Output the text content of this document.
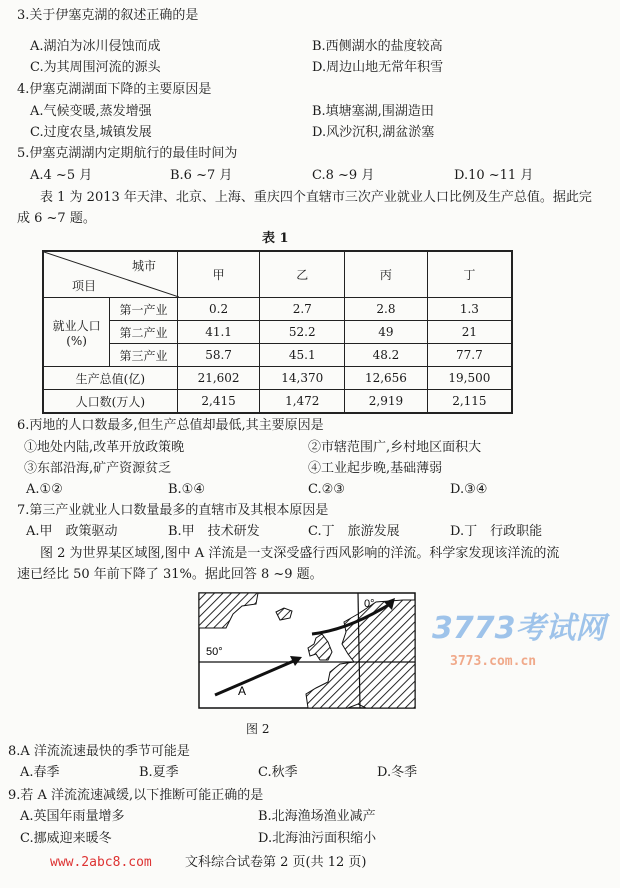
3.关于伊塞克湖的叙述正确的是
A.湖泊为冰川侵蚀而成	B.西侧湖水的盐度较高
C.为其周围河流的源头	D.周边山地无常年积雪
4.伊塞克湖湖面下降的主要原因是
A.气候变暖,蒸发增强	B.填塘塞湖,围湖造田
C.过度农垦,城镇发展	D.风沙沉积,湖盆淤塞
5.伊塞克湖湖内定期航行的最佳时间为
A.4 ~5 月	B.6 ~7 月	C.8 ~9 月	D.10 ~11 月
表 1 为 2013 年天津、北京、上海、重庆四个直辖市三次产业就业人口比例及生产总值。据此完
成 6 ~7 题。
表 1
城市
项目		甲	乙	丙	丁

就业人口
(%)	第一产业	0.2	2.7	2.8	1.3
	第二产业	41.1	52.2	49	21
	第三产业	58.7	45.1	48.2	77.7
生产总值(亿)		21,602	14,370	12,656	19,500
人口数(万人)		2,415	1,472	2,919	2,115
6.丙地的人口数最多,但生产总值却最低,其主要原因是
①地处内陆,改革开放政策晚	②市辖范围广,乡村地区面积大
③东部沿海,矿产资源贫乏	④工业起步晚,基础薄弱
A.①②	B.①④	C.②③	D.③④
7.第三产业就业人口数量最多的直辖市及其根本原因是
A.甲　政策驱动	B.甲　技术研发	C.丁　旅游发展	D.丁　行政职能
图 2 为世界某区域图,图中 A 洋流是一支深受盛行西风影响的洋流。科学家发现该洋流的流
速已经比 50 年前下降了 31%。据此回答 8 ~9 题。
50°
0°
A
3773考试网
3773.com.cn
图 2
8.A 洋流流速最快的季节可能是
A.春季	B.夏季	C.秋季	D.冬季
9.若 A 洋流流速减缓,以下推断可能正确的是
A.英国年雨量增多	B.北海渔场渔业减产
C.挪威迎来暖冬	D.北海油污面积缩小
www.2abc8.com	文科综合试卷第 2 页(共 12 页)
